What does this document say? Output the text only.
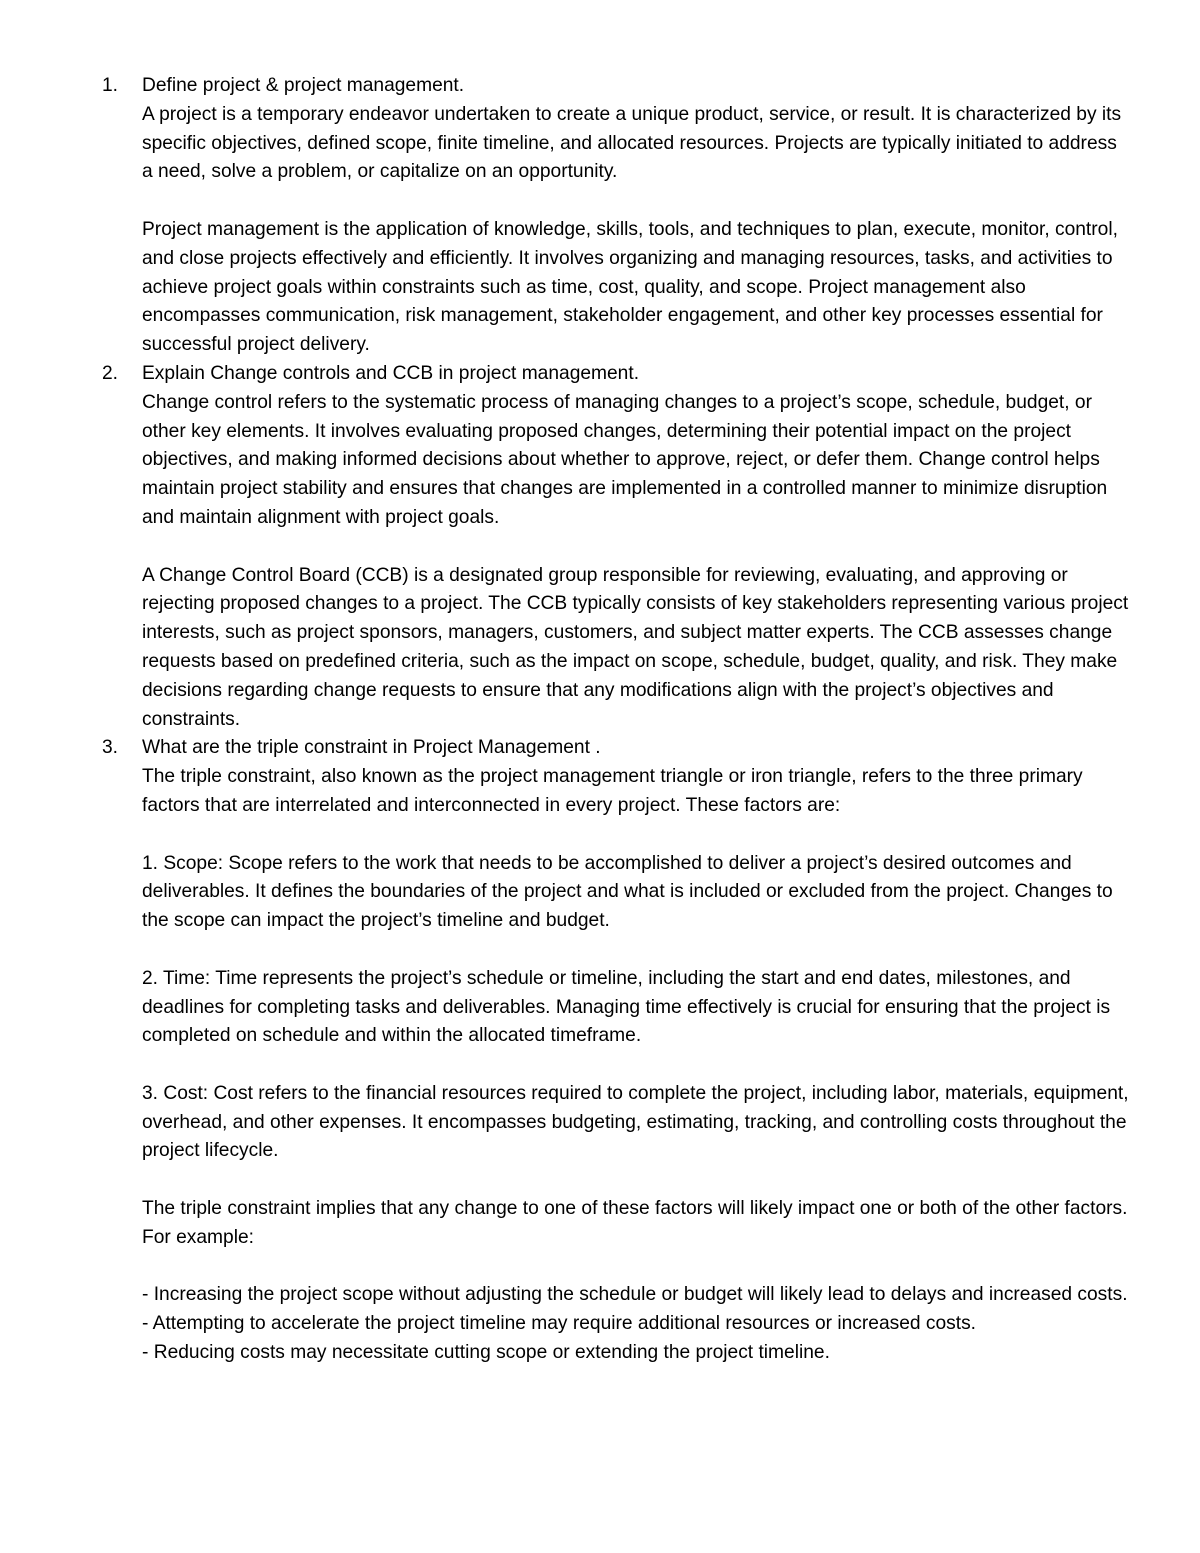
1.	Define project & project management.

A project is a temporary endeavor undertaken to create a unique product, service, or result. It is characterized by its specific objectives, defined scope, finite timeline, and allocated resources. Projects are typically initiated to address a need, solve a problem, or capitalize on an opportunity.

Project management is the application of knowledge, skills, tools, and techniques to plan, execute, monitor, control, and close projects effectively and efficiently. It involves organizing and managing resources, tasks, and activities to achieve project goals within constraints such as time, cost, quality, and scope. Project management also encompasses communication, risk management, stakeholder engagement, and other key processes essential for successful project delivery.

2.	Explain Change controls and CCB in project management.

Change control refers to the systematic process of managing changes to a project’s scope, schedule, budget, or other key elements. It involves evaluating proposed changes, determining their potential impact on the project objectives, and making informed decisions about whether to approve, reject, or defer them. Change control helps maintain project stability and ensures that changes are implemented in a controlled manner to minimize disruption and maintain alignment with project goals.

A Change Control Board (CCB) is a designated group responsible for reviewing, evaluating, and approving or rejecting proposed changes to a project. The CCB typically consists of key stakeholders representing various project interests, such as project sponsors, managers, customers, and subject matter experts. The CCB assesses change requests based on predefined criteria, such as the impact on scope, schedule, budget, quality, and risk. They make decisions regarding change requests to ensure that any modifications align with the project’s objectives and constraints.

3.	What are the triple constraint in Project Management .

The triple constraint, also known as the project management triangle or iron triangle, refers to the three primary factors that are interrelated and interconnected in every project. These factors are:

1. Scope: Scope refers to the work that needs to be accomplished to deliver a project’s desired outcomes and deliverables. It defines the boundaries of the project and what is included or excluded from the project. Changes to the scope can impact the project’s timeline and budget.

2. Time: Time represents the project’s schedule or timeline, including the start and end dates, milestones, and deadlines for completing tasks and deliverables. Managing time effectively is crucial for ensuring that the project is completed on schedule and within the allocated timeframe.

3. Cost: Cost refers to the financial resources required to complete the project, including labor, materials, equipment, overhead, and other expenses. It encompasses budgeting, estimating, tracking, and controlling costs throughout the project lifecycle.

The triple constraint implies that any change to one of these factors will likely impact one or both of the other factors. For example:

- Increasing the project scope without adjusting the schedule or budget will likely lead to delays and increased costs.

- Attempting to accelerate the project timeline may require additional resources or increased costs.

- Reducing costs may necessitate cutting scope or extending the project timeline.
